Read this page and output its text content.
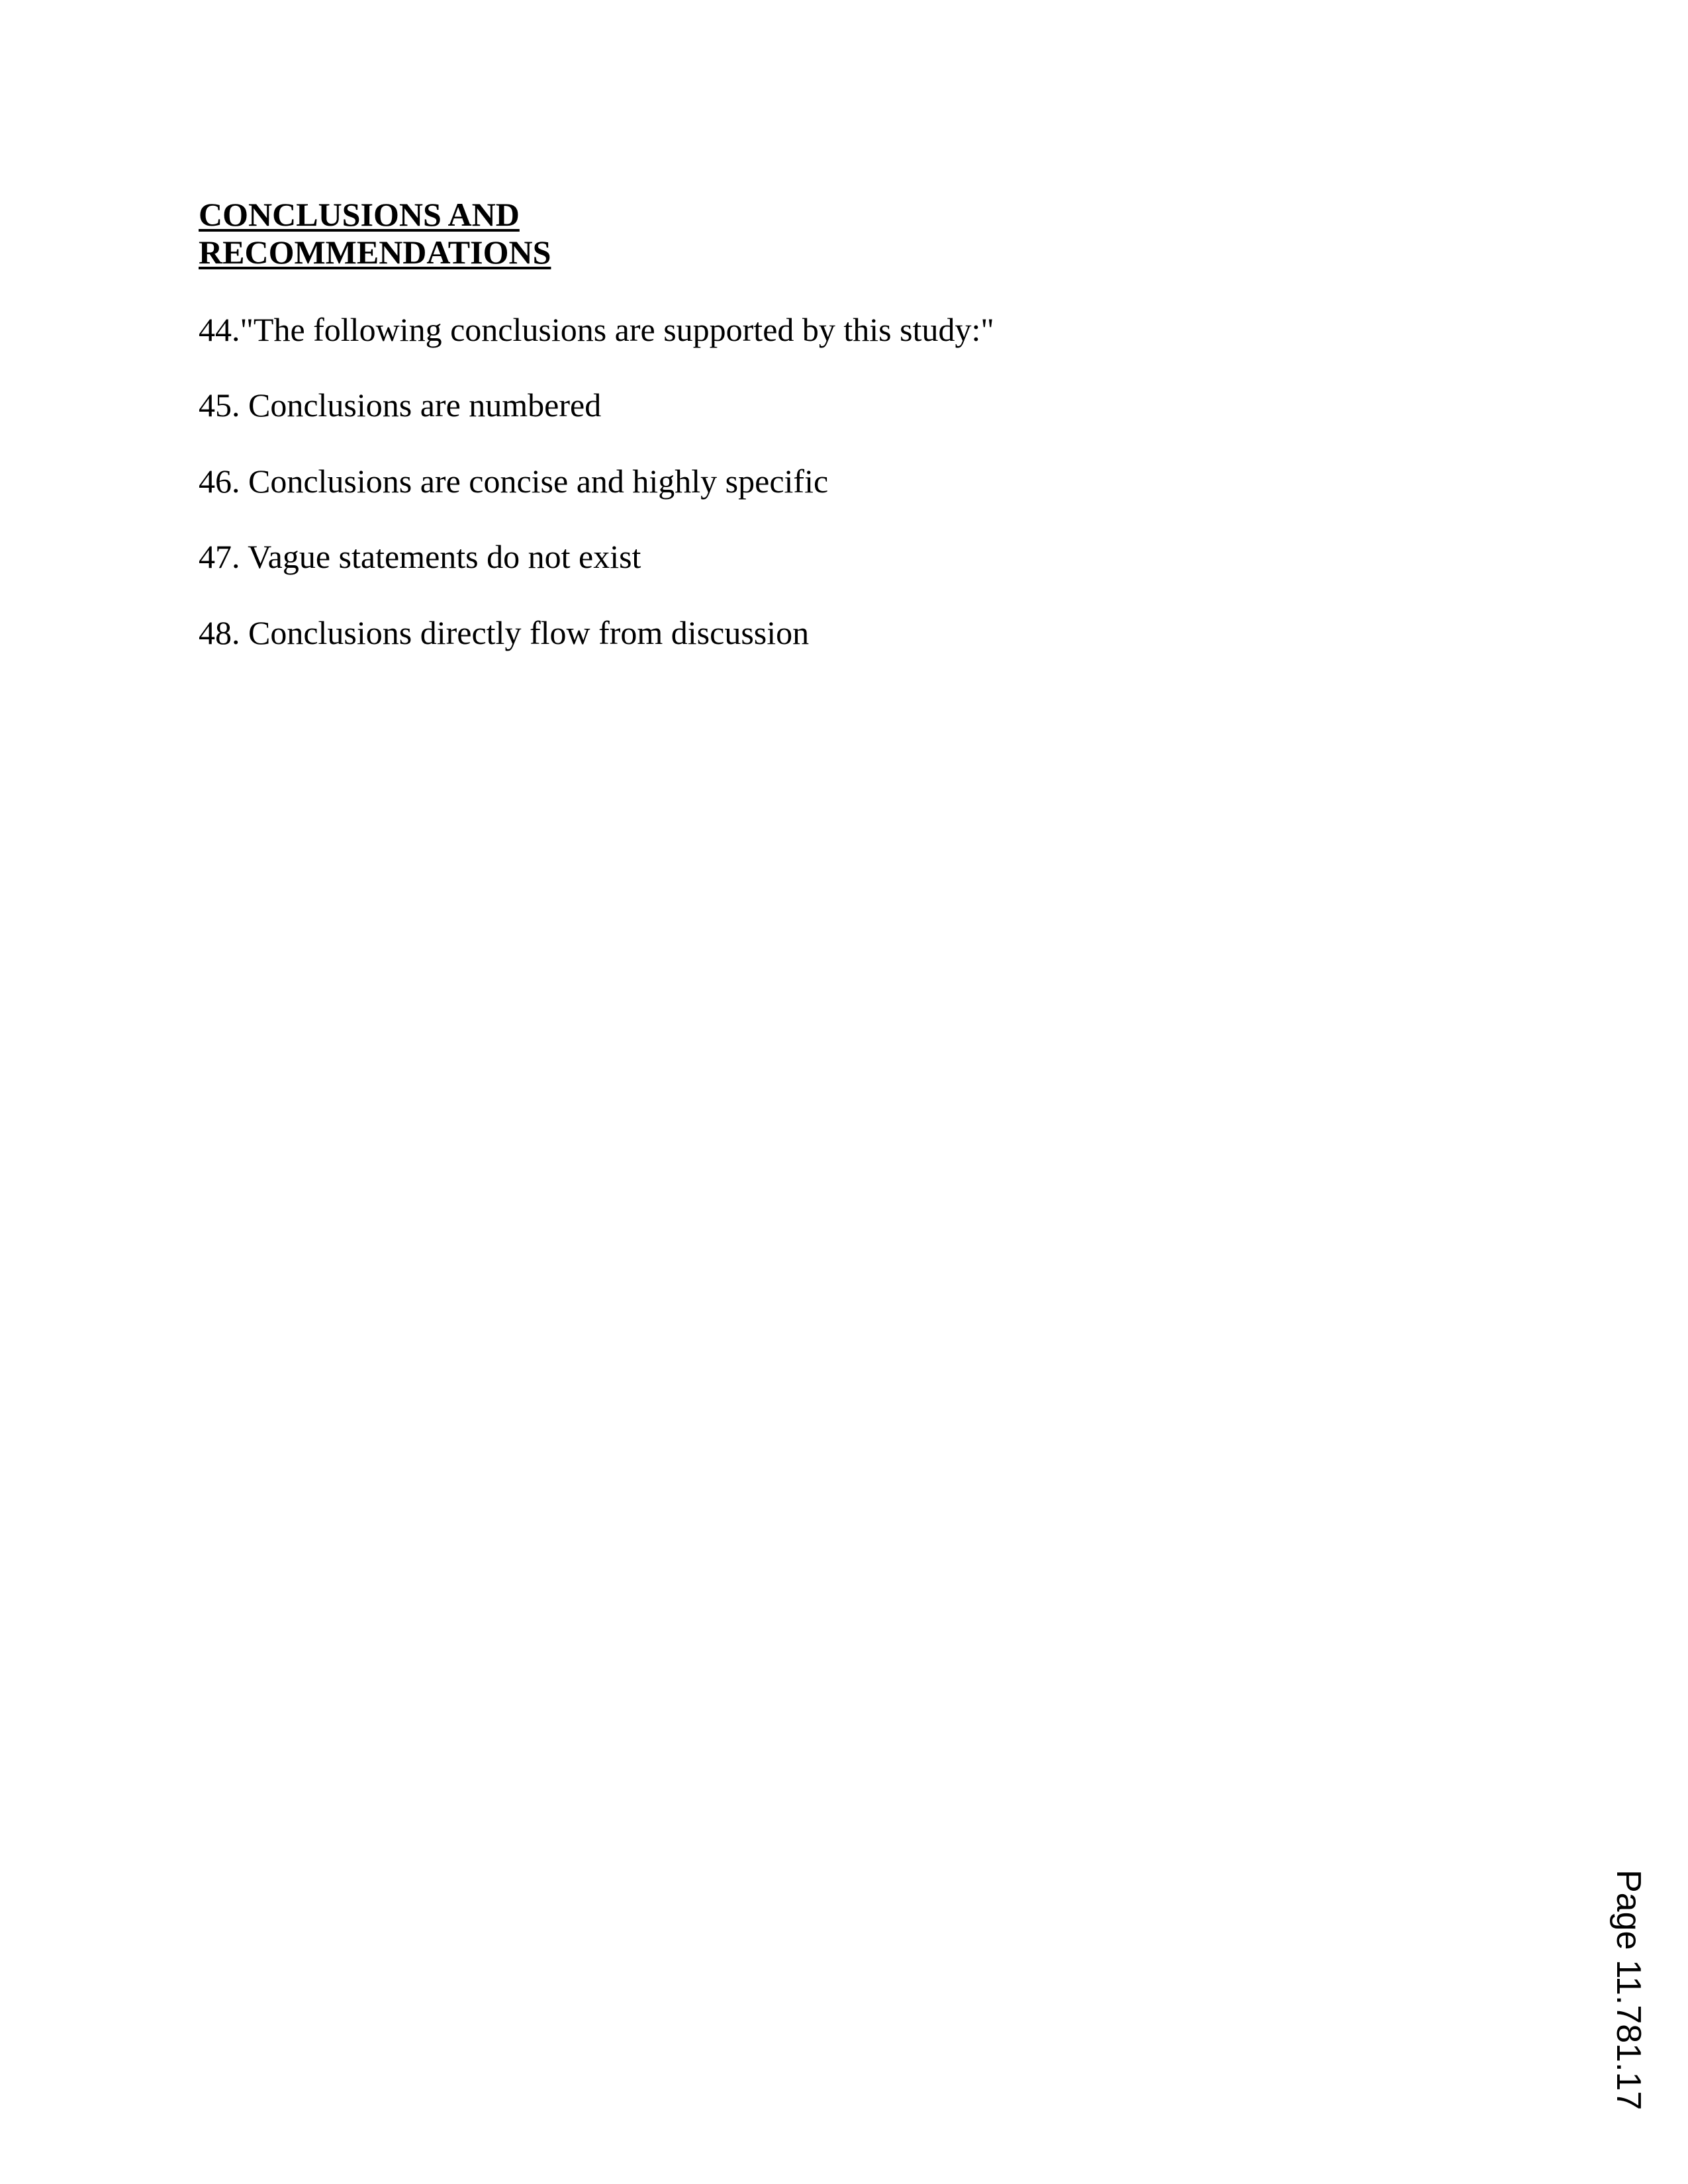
CONCLUSIONS AND
RECOMMENDATIONS

44."The following conclusions are supported by this study:"

45. Conclusions are numbered

46. Conclusions are concise and highly specific

47. Vague statements do not exist

48. Conclusions directly flow from discussion

Page 11.781.17
